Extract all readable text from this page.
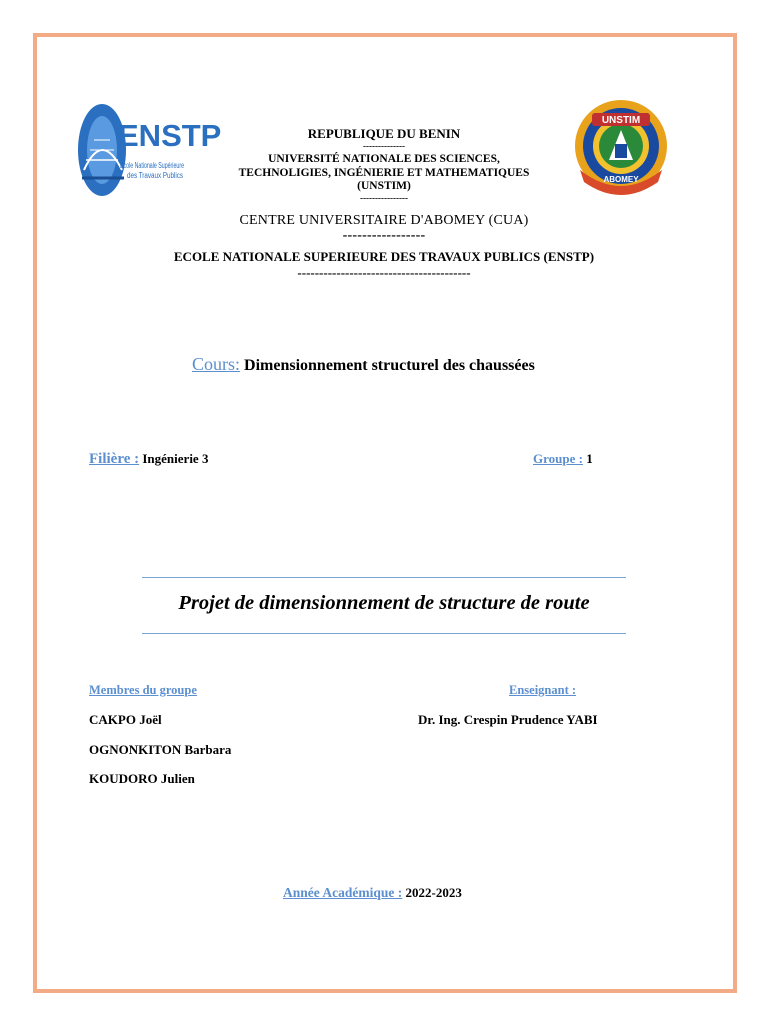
ENSTP
Ecole Nationale Supérieure
des Travaux Publics
UNSTIM
ABOMEY
REPUBLIQUE DU BENIN
--------------
UNIVERSITÉ NATIONALE DES SCIENCES,
TECHNOLIGIES, INGÉNIERIE ET MATHEMATIQUES
(UNSTIM)
----------------
CENTRE UNIVERSITAIRE D'ABOMEY (CUA)
-----------------
ECOLE NATIONALE SUPERIEURE DES TRAVAUX PUBLICS (ENSTP)
----------------------------------------
Cours: Dimensionnement structurel des chaussées
Filière : Ingénierie 3	Groupe : 1
Projet de dimensionnement de structure de route
Membres du groupe	Enseignant :
CAKPO Joël
OGNONKITON Barbara
KOUDORO Julien
Dr. Ing. Crespin Prudence YABI
Année Académique : 2022-2023
